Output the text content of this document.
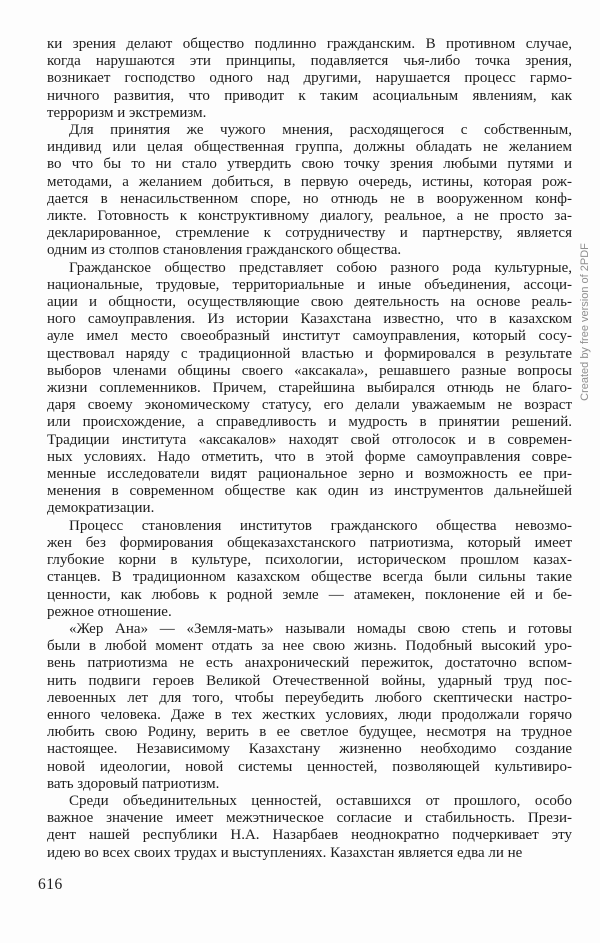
ки зрения делают общество подлинно гражданским. В противном случае,
когда нарушаются эти принципы, подавляется чья-либо точка зрения,
возникает господство одного над другими, нарушается процесс гармо-
ничного развития, что приводит к таким асоциальным явлениям, как
терроризм и экстремизм.
Для принятия же чужого мнения, расходящегося с собственным,
индивид или целая общественная группа, должны обладать не желанием
во что бы то ни стало утвердить свою точку зрения любыми путями и
методами, а желанием добиться, в первую очередь, истины, которая рож-
дается в ненасильственном споре, но отнюдь не в вооруженном конф-
ликте. Готовность к конструктивному диалогу, реальное, а не просто за-
декларированное, стремление к сотрудничеству и партнерству, является
одним из столпов становления гражданского общества.
Гражданское общество представляет собою разного рода культурные,
национальные, трудовые, территориальные и иные объединения, ассоци-
ации и общности, осуществляющие свою деятельность на основе реаль-
ного самоуправления. Из истории Казахстана известно, что в казахском
ауле имел место своеобразный институт самоуправления, который сосу-
ществовал наряду с традиционной властью и формировался в результате
выборов членами общины своего «аксакала», решавшего разные вопросы
жизни соплеменников. Причем, старейшина выбирался отнюдь не благо-
даря своему экономическому статусу, его делали уважаемым не возраст
или происхождение, а справедливость и мудрость в принятии решений.
Традиции института «аксакалов» находят свой отголосок и в современ-
ных условиях. Надо отметить, что в этой форме самоуправления совре-
менные исследователи видят рациональное зерно и возможность ее при-
менения в современном обществе как один из инструментов дальнейшей
демократизации.
Процесс становления институтов гражданского общества невозмо-
жен без формирования общеказахстанского патриотизма, который имеет
глубокие корни в культуре, психологии, историческом прошлом казах-
станцев. В традиционном казахском обществе всегда были сильны такие
ценности, как любовь к родной земле — атамекен, поклонение ей и бе-
режное отношение.
«Жер Ана» — «Земля-мать» называли номады свою степь и готовы
были в любой момент отдать за нее свою жизнь. Подобный высокий уро-
вень патриотизма не есть анахронический пережиток, достаточно вспом-
нить подвиги героев Великой Отечественной войны, ударный труд пос-
левоенных лет для того, чтобы переубедить любого скептически настро-
енного человека. Даже в тех жестких условиях, люди продолжали горячо
любить свою Родину, верить в ее светлое будущее, несмотря на трудное
настоящее. Независимому Казахстану жизненно необходимо создание
новой идеологии, новой системы ценностей, позволяющей культивиро-
вать здоровый патриотизм.
Среди объединительных ценностей, оставшихся от прошлого, особо
важное значение имеет межэтническое согласие и стабильность. Прези-
дент нашей республики Н.А. Назарбаев неоднократно подчеркивает эту
идею во всех своих трудах и выступлениях. Казахстан является едва ли не
616
Created by free version of 2PDF
